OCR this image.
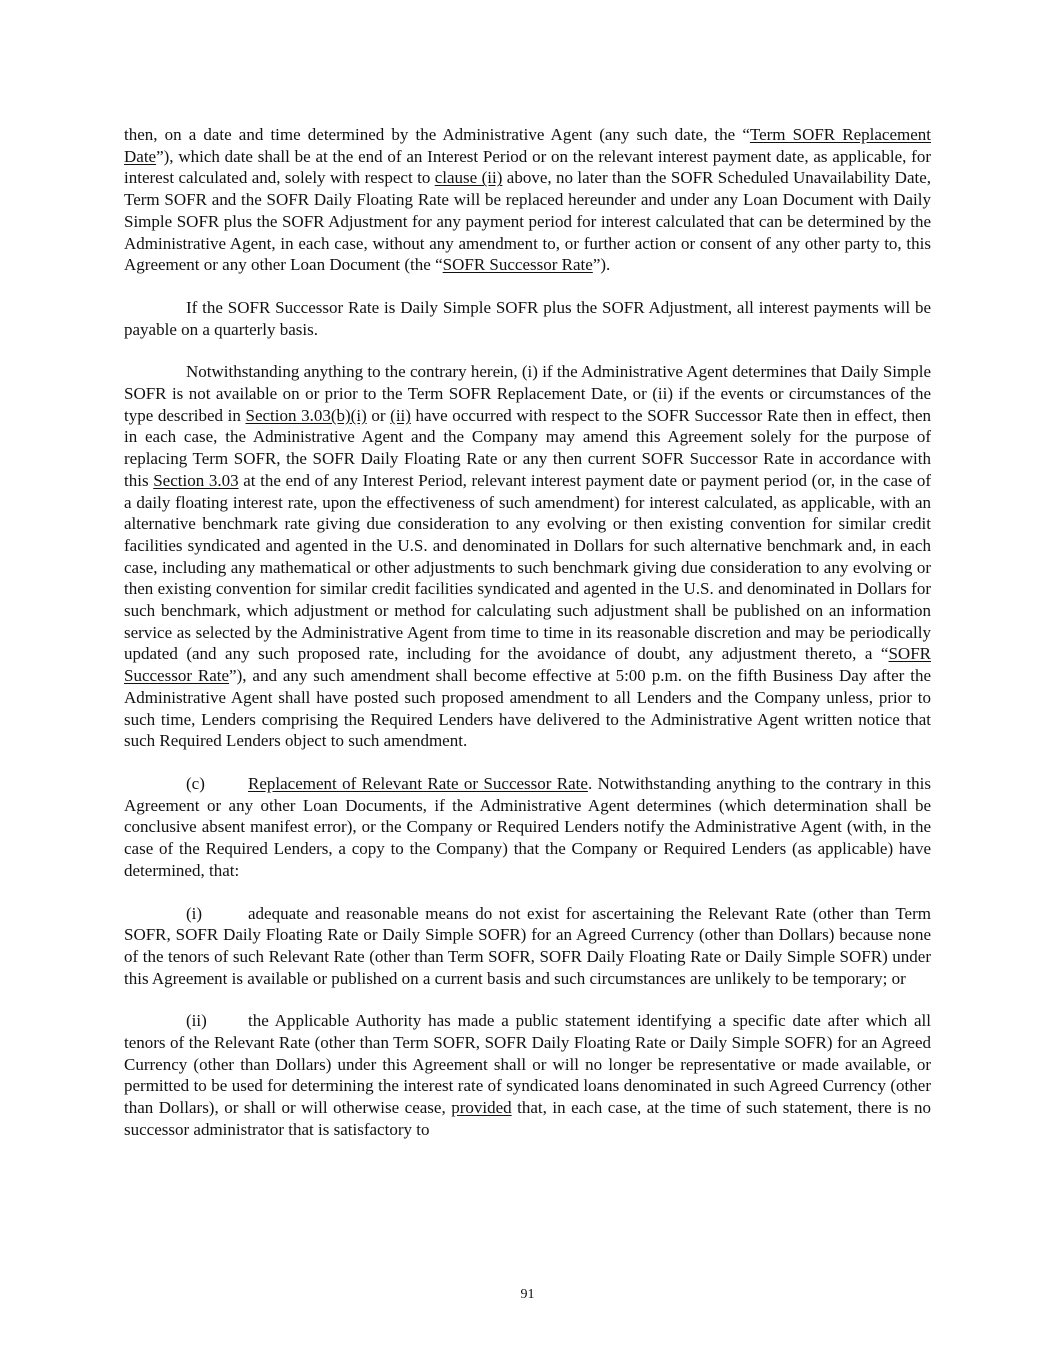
then, on a date and time determined by the Administrative Agent (any such date, the “Term SOFR Replacement Date”), which date shall be at the end of an Interest Period or on the relevant interest payment date, as applicable, for interest calculated and, solely with respect to clause (ii) above, no later than the SOFR Scheduled Unavailability Date, Term SOFR and the SOFR Daily Floating Rate will be replaced hereunder and under any Loan Document with Daily Simple SOFR plus the SOFR Adjustment for any payment period for interest calculated that can be determined by the Administrative Agent, in each case, without any amendment to, or further action or consent of any other party to, this Agreement or any other Loan Document (the “SOFR Successor Rate”).

If the SOFR Successor Rate is Daily Simple SOFR plus the SOFR Adjustment, all interest payments will be payable on a quarterly basis.

Notwithstanding anything to the contrary herein, (i) if the Administrative Agent determines that Daily Simple SOFR is not available on or prior to the Term SOFR Replacement Date, or (ii) if the events or circumstances of the type described in Section 3.03(b)(i) or (ii) have occurred with respect to the SOFR Successor Rate then in effect, then in each case, the Administrative Agent and the Company may amend this Agreement solely for the purpose of replacing Term SOFR, the SOFR Daily Floating Rate or any then current SOFR Successor Rate in accordance with this Section 3.03 at the end of any Interest Period, relevant interest payment date or payment period (or, in the case of a daily floating interest rate, upon the effectiveness of such amendment) for interest calculated, as applicable, with an alternative benchmark rate giving due consideration to any evolving or then existing convention for similar credit facilities syndicated and agented in the U.S. and denominated in Dollars for such alternative benchmark and, in each case, including any mathematical or other adjustments to such benchmark giving due consideration to any evolving or then existing convention for similar credit facilities syndicated and agented in the U.S. and denominated in Dollars for such benchmark, which adjustment or method for calculating such adjustment shall be published on an information service as selected by the Administrative Agent from time to time in its reasonable discretion and may be periodically updated (and any such proposed rate, including for the avoidance of doubt, any adjustment thereto, a “SOFR Successor Rate”), and any such amendment shall become effective at 5:00 p.m. on the fifth Business Day after the Administrative Agent shall have posted such proposed amendment to all Lenders and the Company unless, prior to such time, Lenders comprising the Required Lenders have delivered to the Administrative Agent written notice that such Required Lenders object to such amendment.

(c)	Replacement of Relevant Rate or Successor Rate. Notwithstanding anything to the contrary in this Agreement or any other Loan Documents, if the Administrative Agent determines (which determination shall be conclusive absent manifest error), or the Company or Required Lenders notify the Administrative Agent (with, in the case of the Required Lenders, a copy to the Company) that the Company or Required Lenders (as applicable) have determined, that:

(i)	adequate and reasonable means do not exist for ascertaining the Relevant Rate (other than Term SOFR, SOFR Daily Floating Rate or Daily Simple SOFR) for an Agreed Currency (other than Dollars) because none of the tenors of such Relevant Rate (other than Term SOFR, SOFR Daily Floating Rate or Daily Simple SOFR) under this Agreement is available or published on a current basis and such circumstances are unlikely to be temporary; or

(ii) the Applicable Authority has made a public statement identifying a specific date after which all tenors of the Relevant Rate (other than Term SOFR, SOFR Daily Floating Rate or Daily Simple SOFR) for an Agreed Currency (other than Dollars) under this Agreement shall or will no longer be representative or made available, or permitted to be used for determining the interest rate of syndicated loans denominated in such Agreed Currency (other than Dollars), or shall or will otherwise cease, provided that, in each case, at the time of such statement, there is no successor administrator that is satisfactory to

91
